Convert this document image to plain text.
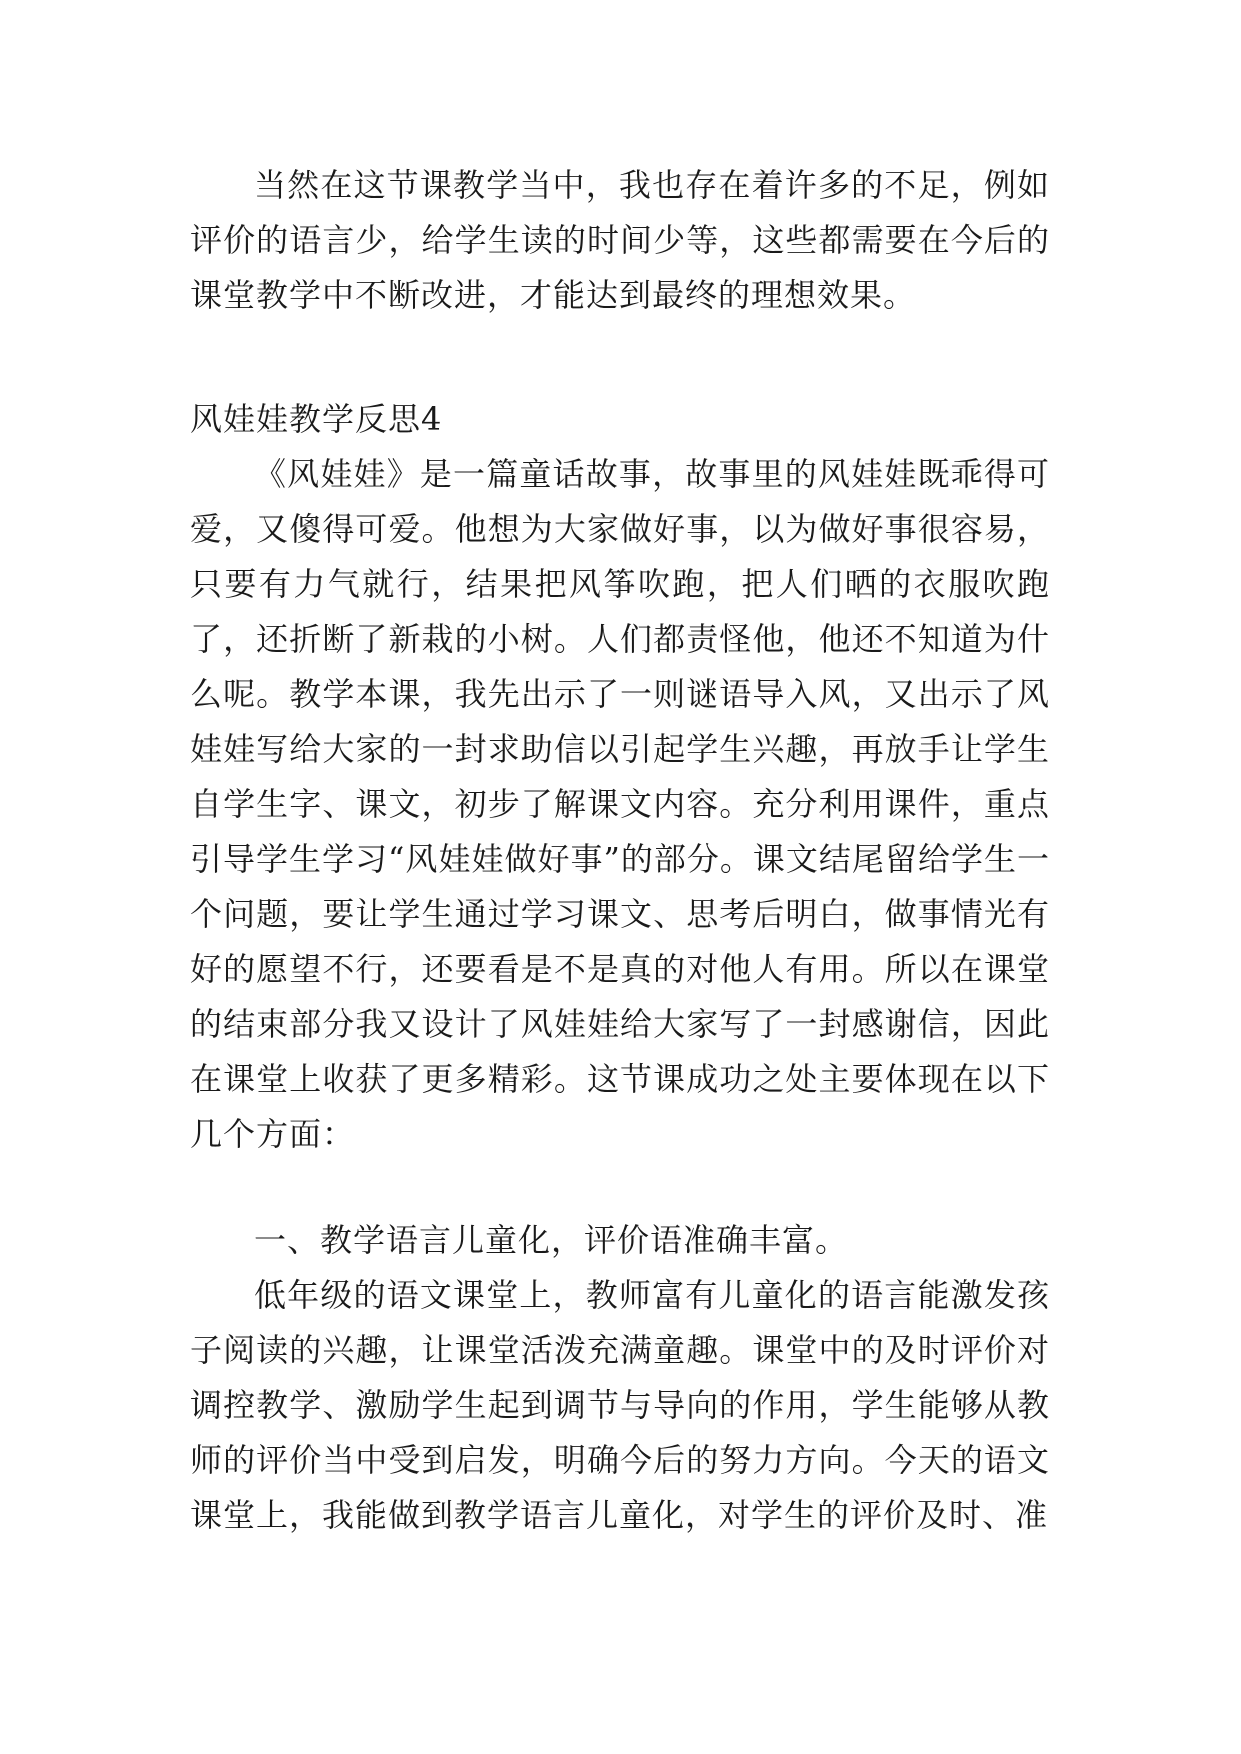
当然在这节课教学当中，我也存在着许多的不足，例如评价的语言少，给学生读的时间少等，这些都需要在今后的课堂教学中不断改进，才能达到最终的理想效果。

风娃娃教学反思4

《风娃娃》是一篇童话故事，故事里的风娃娃既乖得可爱，又傻得可爱。他想为大家做好事，以为做好事很容易，只要有力气就行，结果把风筝吹跑，把人们晒的衣服吹跑了，还折断了新栽的小树。人们都责怪他，他还不知道为什么呢。教学本课，我先出示了一则谜语导入风，又出示了风娃娃写给大家的一封求助信以引起学生兴趣，再放手让学生自学生字、课文，初步了解课文内容。充分利用课件，重点引导学生学习“风娃娃做好事”的部分。课文结尾留给学生一个问题，要让学生通过学习课文、思考后明白，做事情光有好的愿望不行，还要看是不是真的对他人有用。所以在课堂的结束部分我又设计了风娃娃给大家写了一封感谢信，因此在课堂上收获了更多精彩。这节课成功之处主要体现在以下几个方面：

一、教学语言儿童化，评价语准确丰富。

低年级的语文课堂上，教师富有儿童化的语言能激发孩子阅读的兴趣，让课堂活泼充满童趣。课堂中的及时评价对调控教学、激励学生起到调节与导向的作用，学生能够从教师的评价当中受到启发，明确今后的努力方向。今天的语文课堂上，我能做到教学语言儿童化，对学生的评价及时、准
